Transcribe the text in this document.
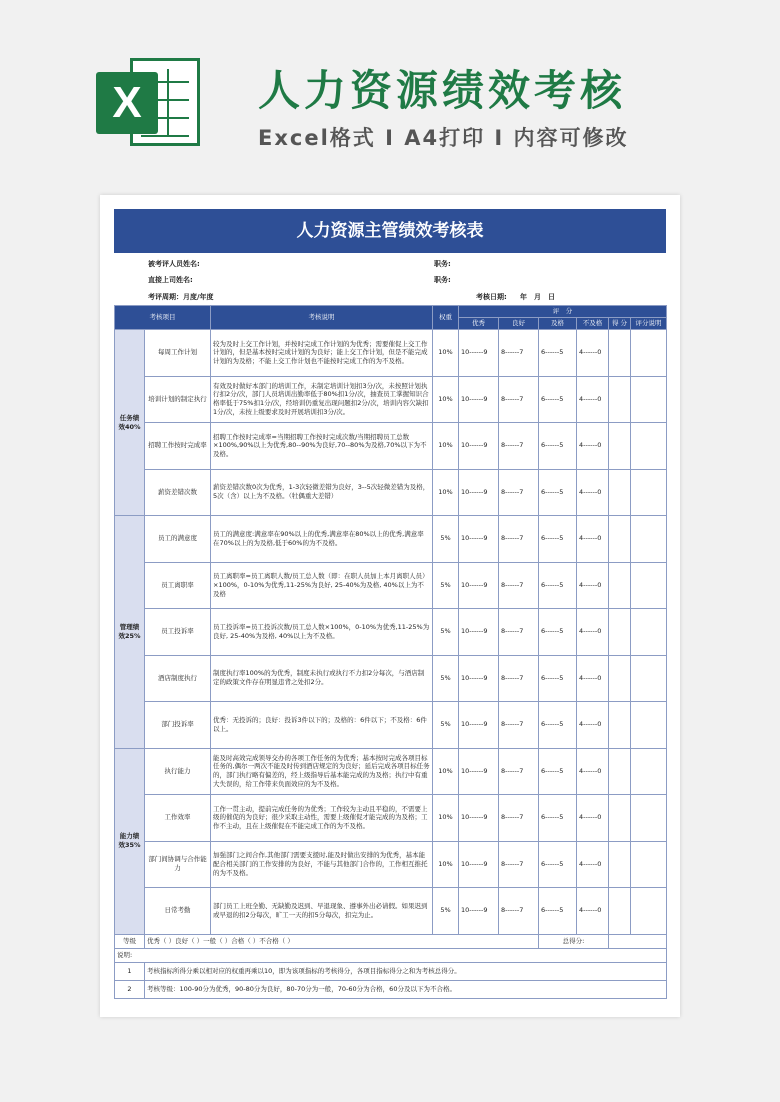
X	人力资源绩效考核
Excel格式 I A4打印 I 内容可修改
人力资源主管绩效考核表
被考评人员姓名:	职务:
直接上司姓名:	职务:
考评周期：月度/年度	考核日期: 年　月　日
考核项目		考核说明	权重	评　分					
				优秀	良好	及格	不及格	得 分	评分说明
任务绩效40%	每周工作计划	较为及时上交工作计划，并按时完成工作计划的为优秀；需要催促上交工作计划的，但是基本按时完成计划的为良好；能上交工作计划，但是不能完成计划的为及格；不能上交工作计划也不能按时完成工作的为不及格。	10%	10------9	8------7	6------5	4------0		
	培训计划的制定执行	有效及时做好本部门的培训工作，未制定培训计划扣3分/次，未按照计划执行扣2分/次，部门人员培训出勤率低于80%扣1分/次，抽查员工掌握知识合格率低于75%扣1分/次，经培训仍重复出现问题扣2分/次，培训内容欠缺扣1分/次，未按上级要求及时开展培训扣3分/次。	10%	10------9	8------7	6------5	4------0		
	招聘工作按时完成率	招聘工作按时完成率=当期招聘工作按时完成次数/当期招聘员工总数×100%,90%以上为优秀,80--90%为良好,70--80%为及格,70%以下为不及格。	10%	10------9	8------7	6------5	4------0		
	薪资差错次数	薪资差错次数0次为优秀，1-3次轻微差错为良好，3--5次轻微差错为及格，5次（含）以上为不及格。（牡偶重大差错）	10%	10------9	8------7	6------5	4------0		
管理绩效25%	员工的满意度	员工的满意度:满意率在90%以上的优秀,满意率在80%以上的优秀,满意率在70%以上的为及格,低于60%的为不及格。	5%	10------9	8------7	6------5	4------0		
	员工离职率	员工离职率=员工离职人数/员工总人数（即：在职人员加上本月离职人员）×100%，0-10%为优秀,11-25%为良好, 25-40%为及格, 40%以上为不及格	5%	10------9	8------7	6------5	4------0		
	员工投诉率	员工投诉率=员工投诉次数/员工总人数×100%，0-10%为优秀,11-25%为良好, 25-40%为及格, 40%以上为不及格。	5%	10------9	8------7	6------5	4------0		
	酒店制度执行	制度执行率100%的为优秀，制度未执行或执行不力扣2分每次，与酒店制定的政策文件存在明显违背之处扣2分。	5%	10------9	8------7	6------5	4------0		
	部门投诉率	优秀：无投诉的；良好：投诉3件以下的；及格的：6件以下；不及格：6件以上。	5%	10------9	8------7	6------5	4------0		
能力绩效35%	执行能力	能及时高效完成领导交办的各项工作任务的为优秀；基本按时完成各项目标任务的,偶尔一两次不能及时传到酒店规定的为良好；延后完成各项目标任务的，部门执行略有偏差的，经上级指导后基本能完成的为及格；执行中有重大失误的，给工作带来负面效应的为不及格。	10%	10------9	8------7	6------5	4------0		
	工作效率	工作一贯主动，提前完成任务的为优秀；工作较为主动且平稳的，不需要上级的催促的为良好；很少采取主动性，需要上级催促才能完成的为及格；工作不主动，且在上级催促在不能完成工作的为不及格。	10%	10------9	8------7	6------5	4------0		
	部门间协调与合作能力	加强部门之间合作,其他部门需要支援时,能及时做出安排的为优秀，基本能配合相关部门的工作安排的为良好，不能与其他部门合作的，工作相互推托的为不及格。	10%	10------9	8------7	6------5	4------0		
	日常考勤	部门员工上班全勤、无缺勤及迟到、早退现象、遵事外出必请假。如果迟到或早退的扣2分每次，旷工一天的扣5分每次，扣完为止。	5%	10------9	8------7	6------5	4------0		
等级	优秀（ ）良好（ ）一般（ ）合格（ ）不合格（ ）					总得分:			
说明:									
1	考核指标所得分乘以相对应的权重再乘以10，即为该项指标的考核得分，各项目指标得分之和为考核总得分。								
2	考核等级：100-90分为优秀，90-80分为良好，80-70分为一般，70-60分为合格，60分及以下为不合格。								
